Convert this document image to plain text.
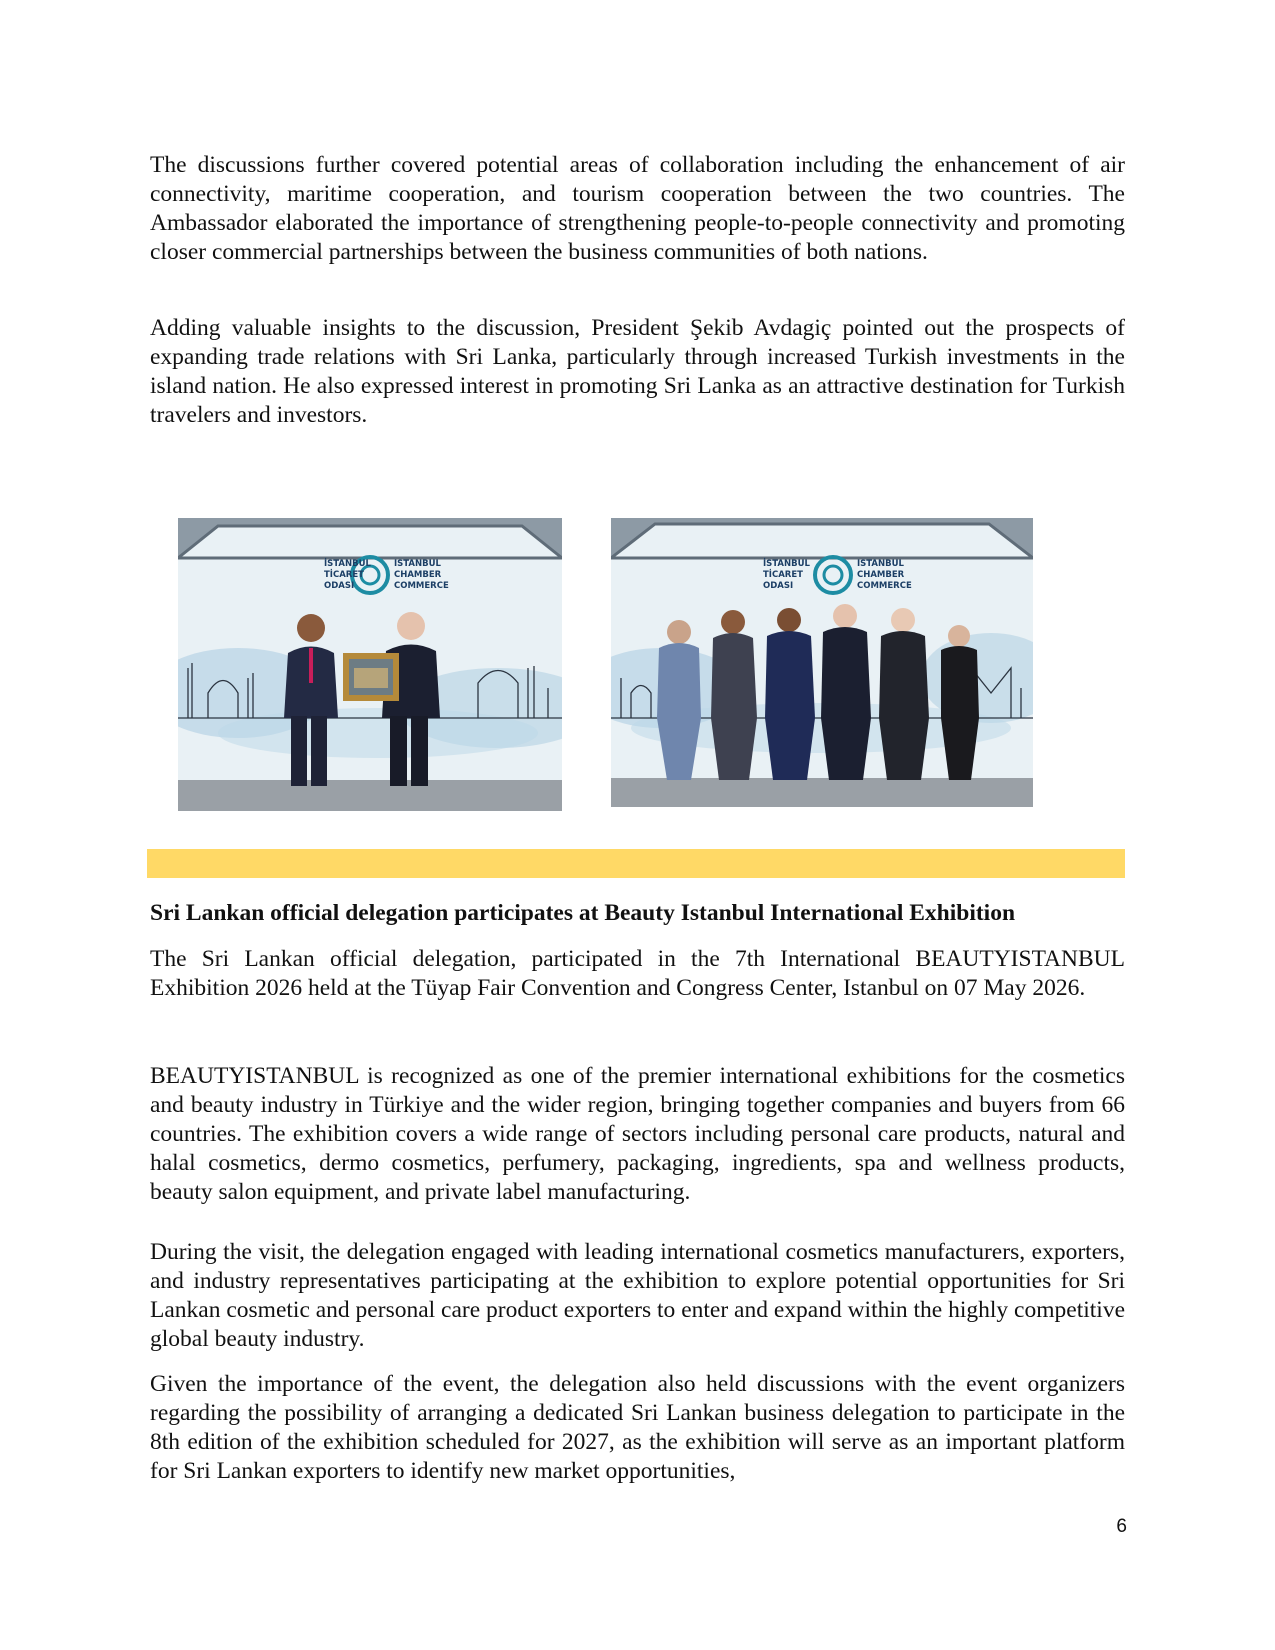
The discussions further covered potential areas of collaboration including the enhancement of air connectivity, maritime cooperation, and tourism cooperation between the two countries. The Ambassador elaborated the importance of strengthening people-to-people connectivity and promoting closer commercial partnerships between the business communities of both nations.

Adding valuable insights to the discussion, President Şekib Avdagiç pointed out the prospects of expanding trade relations with Sri Lanka, particularly through increased Turkish investments in the island nation. He also expressed interest in promoting Sri Lanka as an attractive destination for Turkish travelers and investors.

İSTANBUL
TİCARET
ODASI
ISTANBUL
CHAMBER
COMMERCE
İSTANBUL
TİCARET
ODASI
ISTANBUL
CHAMBER
COMMERCE
Sri Lankan official delegation participates at Beauty Istanbul International Exhibition

The Sri Lankan official delegation, participated in the 7th International BEAUTYISTANBUL Exhibition 2026 held at the Tüyap Fair Convention and Congress Center, Istanbul on 07 May 2026.

BEAUTYISTANBUL is recognized as one of the premier international exhibitions for the cosmetics and beauty industry in Türkiye and the wider region, bringing together companies and buyers from 66 countries. The exhibition covers a wide range of sectors including personal care products, natural and halal cosmetics, dermo cosmetics, perfumery, packaging, ingredients, spa and wellness products, beauty salon equipment, and private label manufacturing.

During the visit, the delegation engaged with leading international cosmetics manufacturers, exporters, and industry representatives participating at the exhibition to explore potential opportunities for Sri Lankan cosmetic and personal care product exporters to enter and expand within the highly competitive global beauty industry.

Given the importance of the event, the delegation also held discussions with the event organizers regarding the possibility of arranging a dedicated Sri Lankan business delegation to participate in the 8th edition of the exhibition scheduled for 2027, as the exhibition will serve as an important platform for Sri Lankan exporters to identify new market opportunities,

6
